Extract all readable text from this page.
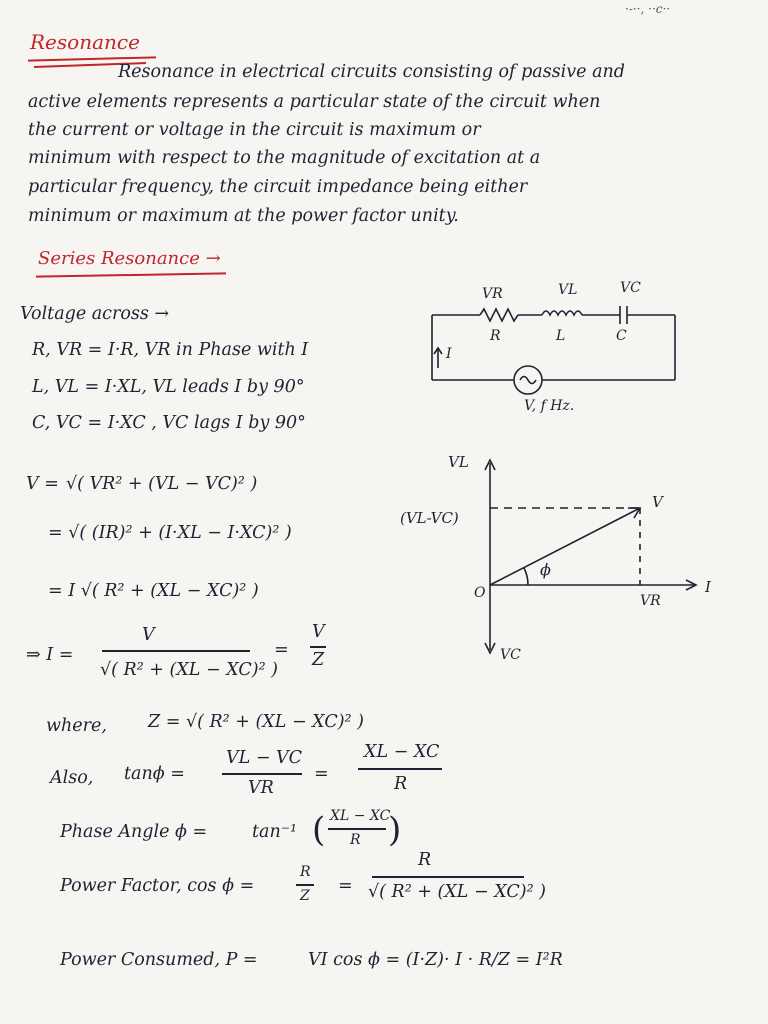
·-··, ··c··
Resonance
Resonance in electrical circuits consisting of passive and
active elements represents a particular state of the circuit when
the current or voltage in the circuit is maximum or
minimum with respect to the magnitude of excitation at a
particular frequency, the circuit impedance being either
minimum or maximum at the power factor unity.
Series Resonance →
Voltage across →
R, VR = I·R, VR in Phase with I
L, VL = I·XL, VL leads I by 90°
C, VC = I·XC , VC lags I by 90°
VR	VL	VC
R	L	C
I
V, f Hz.
VL
(VL-VC)
V
ϕ
O	I
VR
VC
V = √( VR² + (VL − VC)² )
= √( (IR)² + (I·XL − I·XC)² )
= I √( R² + (XL − XC)² )
⇒ I =
V
√( R² + (XL − XC)² )
=
V
Z
where, Z = √( R² + (XL − XC)² )
Also, tanϕ =
VL − VC
VR
=
XL − XC
R
Phase Angle ϕ =	tan⁻¹ ( XL − XC
R )
Power Factor, cos ϕ =
R
Z =
R
√( R² + (XL − XC)² )
Power Consumed, P =	VI cos ϕ = (I·Z)· I · R/Z = I²R
